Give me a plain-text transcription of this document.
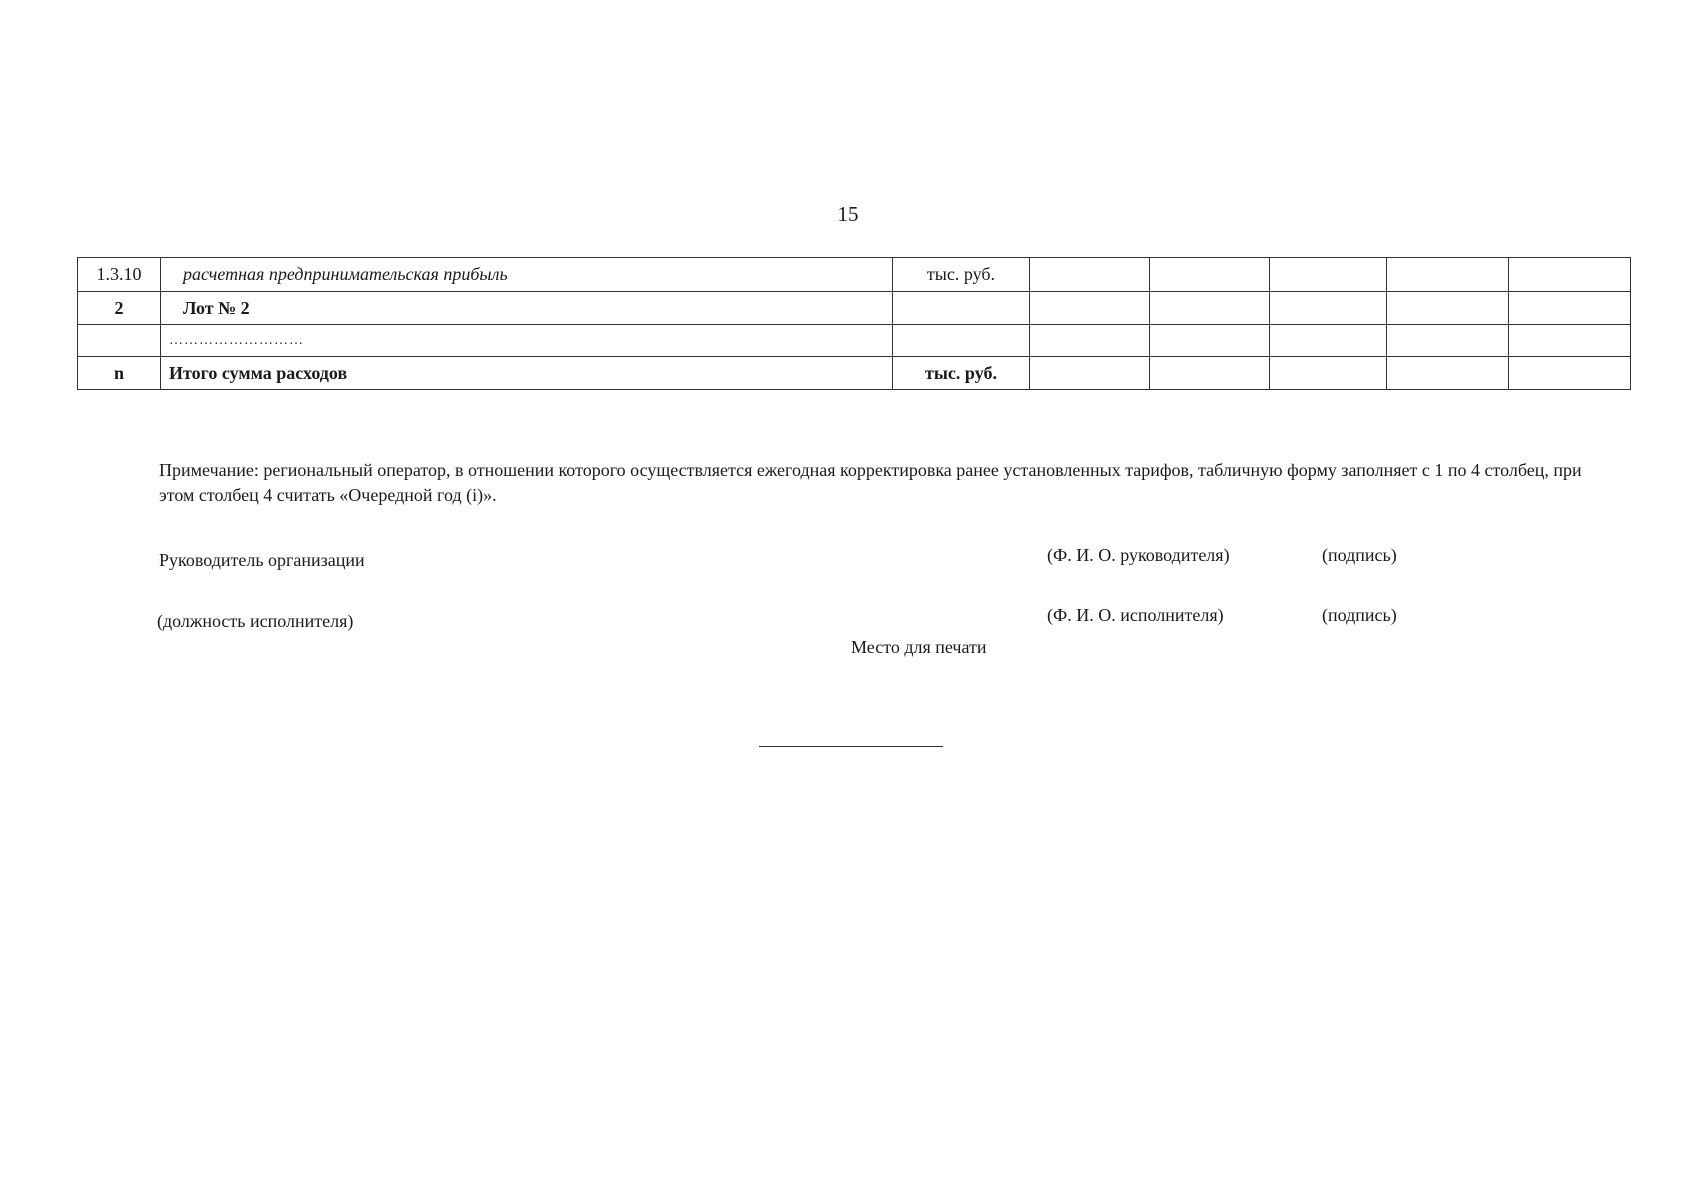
15
1.3.10	расчетная предпринимательская прибыль	тыс. руб.					
2	Лот № 2						
	………………………						
n	Итого сумма расходов	тыс. руб.					
Примечание: региональный оператор, в отношении которого осуществляется ежегодная корректировка ранее установленных тарифов, табличную форму заполняет с 1 по 4 столбец, при этом столбец 4 считать «Очередной год (i)».
Руководитель организации	(Ф. И. О. руководителя)	(подпись)
(должность исполнителя)	(Ф. И. О. исполнителя)	(подпись)
Место для печати
